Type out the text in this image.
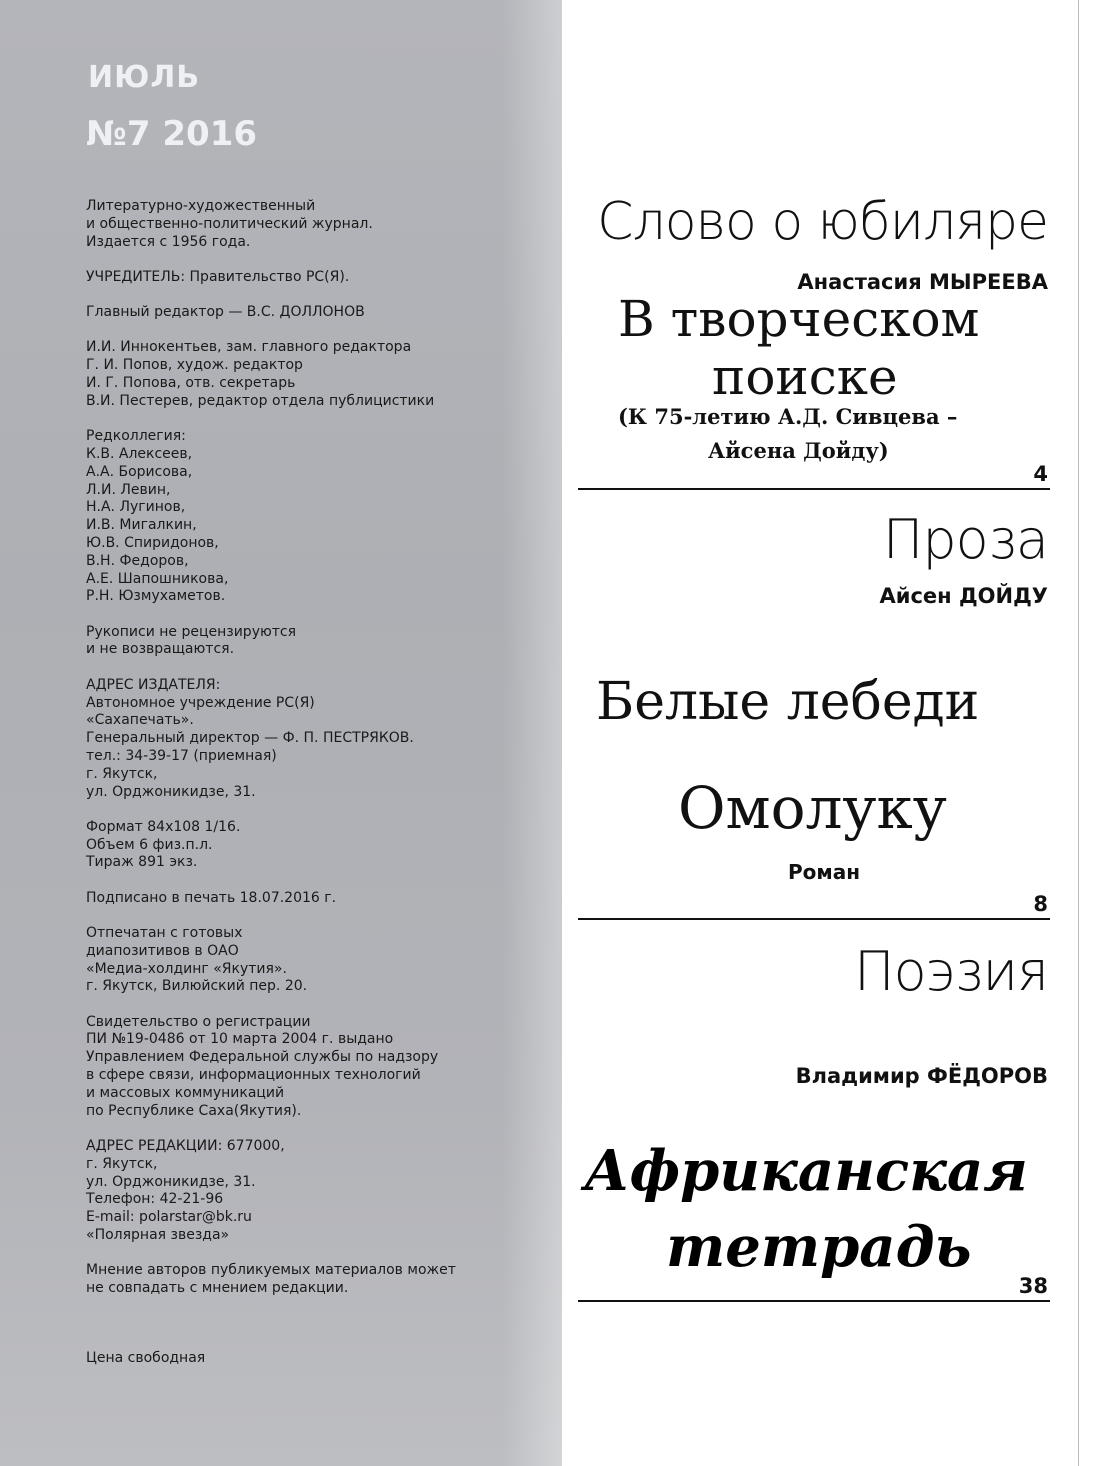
ИЮЛЬ
№7 2016
Литературно-художественный
и общественно-политический журнал.
Издается с 1956 года.
УЧРЕДИТЕЛЬ: Правительство РС(Я).
Главный редактор — В.С. ДОЛЛОНОВ
И.И. Иннокентьев, зам. главного редактора
Г. И. Попов, худож. редактор
И. Г. Попова, отв. секретарь
В.И. Пестерев, редактор отдела публицистики
Редколлегия:
К.В. Алексеев,
А.А. Борисова,
Л.И. Левин,
Н.А. Лугинов,
И.В. Мигалкин,
Ю.В. Спиридонов,
В.Н. Федоров,
А.Е. Шапошникова,
Р.Н. Юзмухаметов.
Рукописи не рецензируются
и не возвращаются.
АДРЕС ИЗДАТЕЛЯ:
Автономное учреждение РС(Я)
«Сахапечать».
Генеральный директор — Ф. П. ПЕСТРЯКОВ.
тел.: 34-39-17 (приемная)
г. Якутск,
ул. Орджоникидзе, 31.
Формат 84x108 1/16.
Объем 6 физ.п.л.
Тираж 891 экз.
Подписано в печать 18.07.2016 г.
Отпечатан с готовых
диапозитивов в ОАО
«Медиа-холдинг «Якутия».
г. Якутск, Вилюйский пер. 20.
Свидетельство о регистрации
ПИ №19-0486 от 10 марта 2004 г. выдано
Управлением Федеральной службы по надзору
в сфере связи, информационных технологий
и массовых коммуникаций
по Республике Саха(Якутия).
АДРЕС РЕДАКЦИИ: 677000,
г. Якутск,
ул. Орджоникидзе, 31.
Телефон: 42-21-96
E-mail: polarstar@bk.ru
«Полярная звезда»
Мнение авторов публикуемых материалов может
не совпадать с мнением редакции.
Цена свободная
Слово о юбиляре
Анастасия МЫРЕЕВА
В творческом
поиске
(К 75-летию А.Д. Сивцева –
Айсена Дойду)
4
Проза
Айсен ДОЙДУ
Белые лебеди
Омолуку
Роман
8
Поэзия
Владимир ФЁДОРОВ
Африканская
тетрадь
38
